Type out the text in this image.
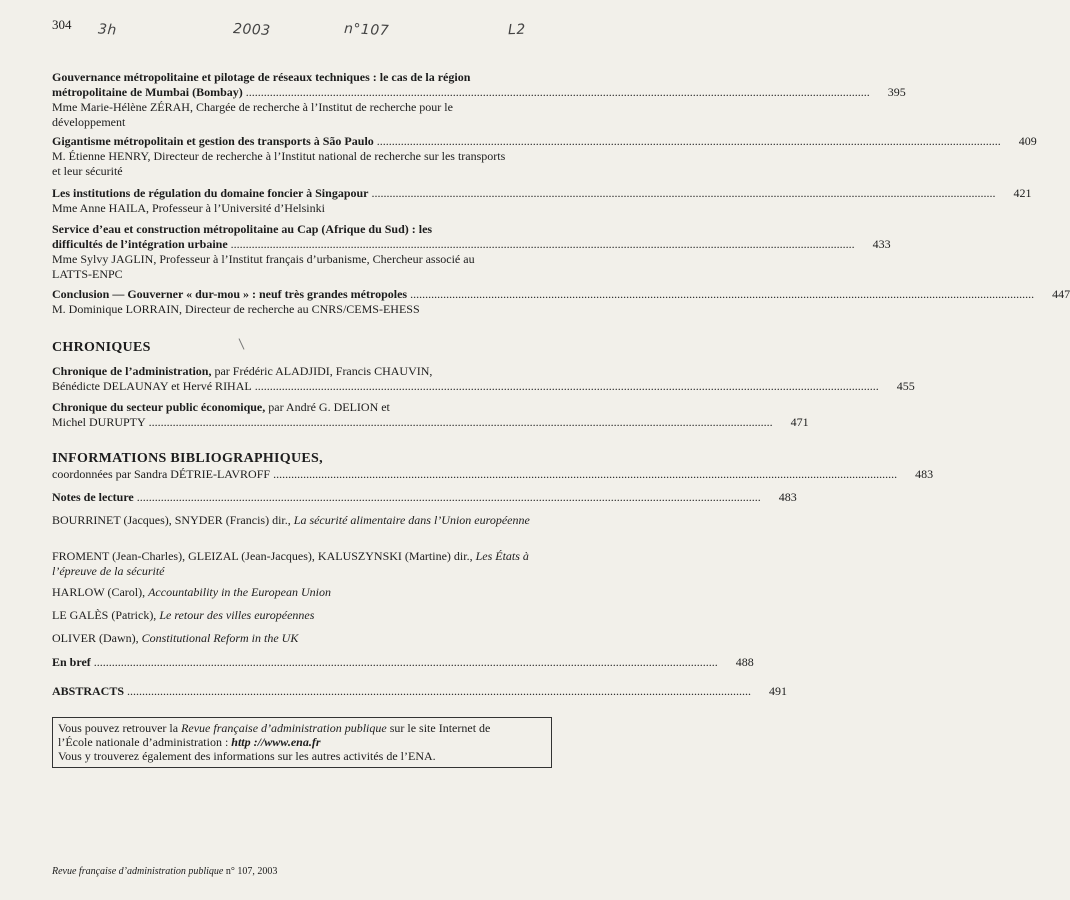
304 3h	2003	n°107	L2
Gouvernance métropolitaine et pilotage de réseaux techniques : le cas de la région
métropolitaine de Mumbai (Bombay) ................................................................................................................................................................................................................	395
Mme Marie-Hélène ZÉRAH, Chargée de recherche à l’Institut de recherche pour le développement
Gigantisme métropolitain et gestion des transports à São Paulo ................................................................................................................................................................................................................	409
M. Étienne HENRY, Directeur de recherche à l’Institut national de recherche sur les transports et leur sécurité
Les institutions de régulation du domaine foncier à Singapour ................................................................................................................................................................................................................	421
Mme Anne HAILA, Professeur à l’Université d’Helsinki
Service d’eau et construction métropolitaine au Cap (Afrique du Sud) : les
difficultés de l’intégration urbaine ................................................................................................................................................................................................................	433
Mme Sylvy JAGLIN, Professeur à l’Institut français d’urbanisme, Chercheur associé au LATTS-ENPC
Conclusion — Gouverner « dur-mou » : neuf très grandes métropoles ................................................................................................................................................................................................................	447
M. Dominique LORRAIN, Directeur de recherche au CNRS/CEMS-EHESS
CHRONIQUES
Chronique de l’administration, par Frédéric ALADJIDI, Francis CHAUVIN,
Bénédicte DELAUNAY et Hervé RIHAL ................................................................................................................................................................................................................	455
Chronique du secteur public économique, par André G. DELION et
Michel DURUPTY ................................................................................................................................................................................................................	471
INFORMATIONS BIBLIOGRAPHIQUES,
coordonnées par Sandra DÉTRIE-LAVROFF ................................................................................................................................................................................................................	483
Notes de lecture ................................................................................................................................................................................................................	483
BOURRINET (Jacques), SNYDER (Francis) dir., La sécurité alimentaire dans l’Union européenne
FROMENT (Jean-Charles), GLEIZAL (Jean-Jacques), KALUSZYNSKI (Martine) dir., Les États à l’épreuve de la sécurité
HARLOW (Carol), Accountability in the European Union
LE GALÈS (Patrick), Le retour des villes européennes
OLIVER (Dawn), Constitutional Reform in the UK
En bref ................................................................................................................................................................................................................	488
ABSTRACTS ................................................................................................................................................................................................................	491
Vous pouvez retrouver la Revue française d’administration publique sur le site Internet de
l’École nationale d’administration : http ://www.ena.fr
Vous y trouverez également des informations sur les autres activités de l’ENA.
Revue française d’administration publique n° 107, 2003
